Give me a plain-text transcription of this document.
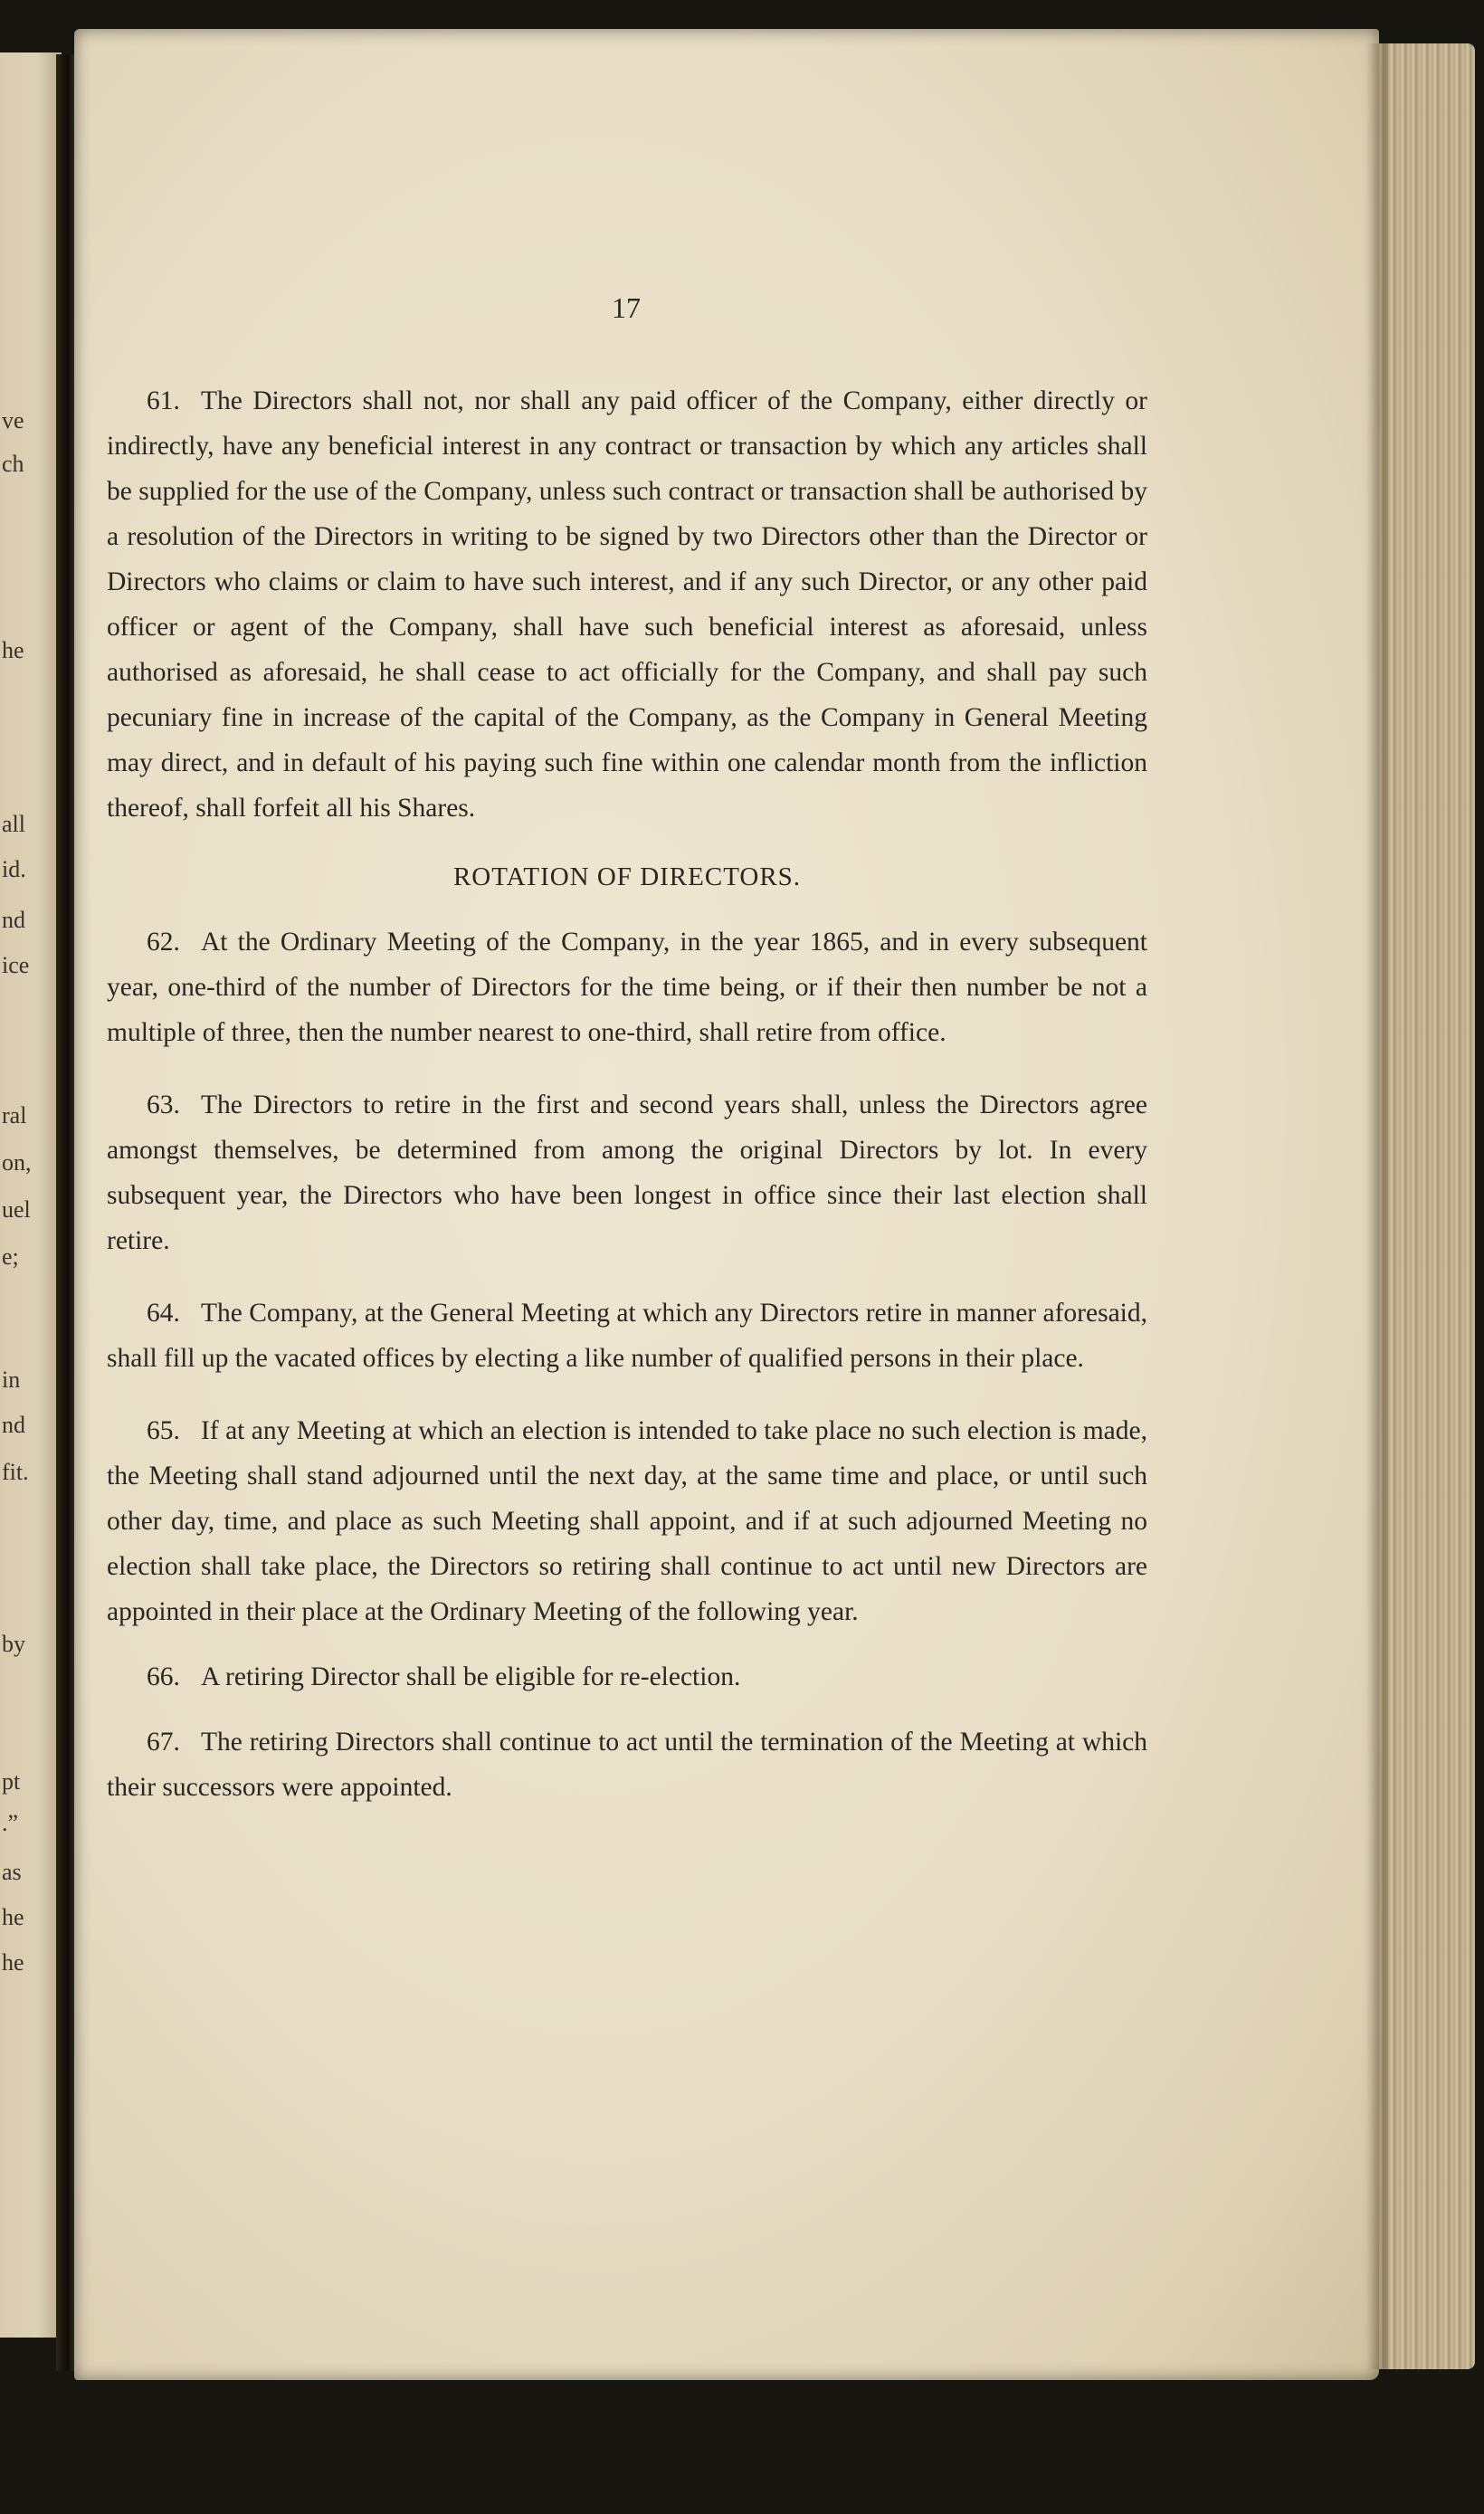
ve
ch
he
all
id.
nd
ice
ral
on,
uel
e;
in
nd
fit.
by
pt
.”
as
he
he
17

61. The Directors shall not, nor shall any paid officer of the Company, either directly or indirectly, have any beneficial interest in any contract or transaction by which any articles shall be supplied for the use of the Company, unless such contract or transaction shall be authorised by a resolution of the Directors in writing to be signed by two Directors other than the Director or Directors who claims or claim to have such interest, and if any such Director, or any other paid officer or agent of the Company, shall have such beneficial interest as aforesaid, unless authorised as aforesaid, he shall cease to act officially for the Company, and shall pay such pecuniary fine in increase of the capital of the Company, as the Company in General Meeting may direct, and in default of his paying such fine within one calendar month from the infliction thereof, shall forfeit all his Shares.

ROTATION OF DIRECTORS.

62. At the Ordinary Meeting of the Company, in the year 1865, and in every subsequent year, one-third of the number of Directors for the time being, or if their then number be not a multiple of three, then the number nearest to one-third, shall retire from office.

63. The Directors to retire in the first and second years shall, unless the Directors agree amongst themselves, be determined from among the original Directors by lot. In every subsequent year, the Directors who have been longest in office since their last election shall retire.

64. The Company, at the General Meeting at which any Directors retire in manner aforesaid, shall fill up the vacated offices by electing a like number of qualified persons in their place.

65. If at any Meeting at which an election is intended to take place no such election is made, the Meeting shall stand adjourned until the next day, at the same time and place, or until such other day, time, and place as such Meeting shall appoint, and if at such adjourned Meeting no election shall take place, the Directors so retiring shall continue to act until new Directors are appointed in their place at the Ordinary Meeting of the following year.

66. A retiring Director shall be eligible for re-election.

67. The retiring Directors shall continue to act until the termination of the Meeting at which their successors were appointed.
